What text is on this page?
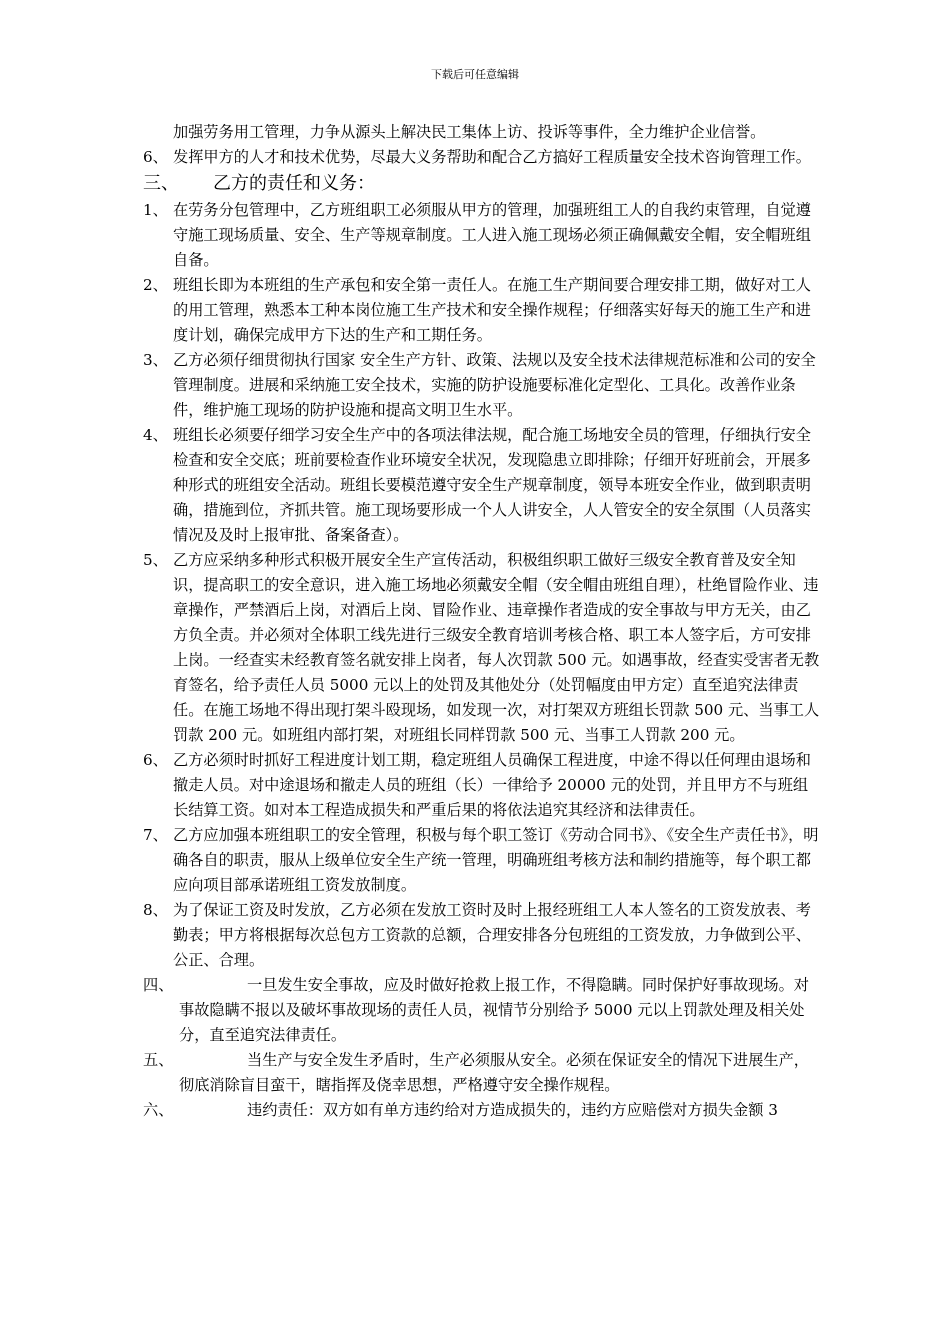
下载后可任意编辑
加强劳务用工管理，力争从源头上解决民工集体上访、投诉等事件，全力维护企业信誉。
6、 发挥甲方的人才和技术优势，尽最大义务帮助和配合乙方搞好工程质量安全技术咨询管理工作。
三、 乙方的责任和义务：
1、 在劳务分包管理中，乙方班组职工必须服从甲方的管理，加强班组工人的自我约束管理，自觉遵守施工现场质量、安全、生产等规章制度。工人进入施工现场必须正确佩戴安全帽，安全帽班组自备。
2、 班组长即为本班组的生产承包和安全第一责任人。在施工生产期间要合理安排工期，做好对工人的用工管理，熟悉本工种本岗位施工生产技术和安全操作规程；仔细落实好每天的施工生产和进度计划，确保完成甲方下达的生产和工期任务。
3、 乙方必须仔细贯彻执行国家 安全生产方针、政策、法规以及安全技术法律规范标准和公司的安全管理制度。进展和采纳施工安全技术，实施的防护设施要标准化定型化、工具化。改善作业条件，维护施工现场的防护设施和提高文明卫生水平。
4、 班组长必须要仔细学习安全生产中的各项法律法规，配合施工场地安全员的管理，仔细执行安全检查和安全交底；班前要检查作业环境安全状况，发现隐患立即排除；仔细开好班前会，开展多种形式的班组安全活动。班组长要模范遵守安全生产规章制度，领导本班安全作业，做到职责明确，措施到位，齐抓共管。施工现场要形成一个人人讲安全，人人管安全的安全氛围（人员落实情况及及时上报审批、备案备查）。
5、 乙方应采纳多种形式积极开展安全生产宣传活动，积极组织职工做好三级安全教育普及安全知识，提高职工的安全意识，进入施工场地必须戴安全帽（安全帽由班组自理），杜绝冒险作业、违章操作，严禁酒后上岗，对酒后上岗、冒险作业、违章操作者造成的安全事故与甲方无关，由乙方负全责。并必须对全体职工线先进行三级安全教育培训考核合格、职工本人签字后，方可安排上岗。一经查实未经教育签名就安排上岗者，每人次罚款 500 元。如遇事故，经查实受害者无教育签名，给予责任人员 5000 元以上的处罚及其他处分（处罚幅度由甲方定）直至追究法律责任。在施工场地不得出现打架斗殴现场，如发现一次，对打架双方班组长罚款 500 元、当事工人罚款 200 元。如班组内部打架，对班组长同样罚款 500 元、当事工人罚款 200 元。
6、 乙方必须时时抓好工程进度计划工期，稳定班组人员确保工程进度，中途不得以任何理由退场和撤走人员。对中途退场和撤走人员的班组（长）一律给予 20000 元的处罚，并且甲方不与班组长结算工资。如对本工程造成损失和严重后果的将依法追究其经济和法律责任。
7、 乙方应加强本班组职工的安全管理，积极与每个职工签订《劳动合同书》、《安全生产责任书》，明确各自的职责，服从上级单位安全生产统一管理，明确班组考核方法和制约措施等，每个职工都应向项目部承诺班组工资发放制度。
8、 为了保证工资及时发放，乙方必须在发放工资时及时上报经班组工人本人签名的工资发放表、考勤表；甲方将根据每次总包方工资款的总额，合理安排各分包班组的工资发放，力争做到公平、公正、合理。
四、	一旦发生安全事故，应及时做好抢救上报工作，不得隐瞒。同时保护好事故现场。对事故隐瞒不报以及破坏事故现场的责任人员，视情节分别给予 5000 元以上罚款处理及相关处分，直至追究法律责任。
五、	当生产与安全发生矛盾时，生产必须服从安全。必须在保证安全的情况下进展生产，彻底消除盲目蛮干，瞎指挥及侥幸思想，严格遵守安全操作规程。
六、	违约责任：双方如有单方违约给对方造成损失的，违约方应赔偿对方损失金额 3
